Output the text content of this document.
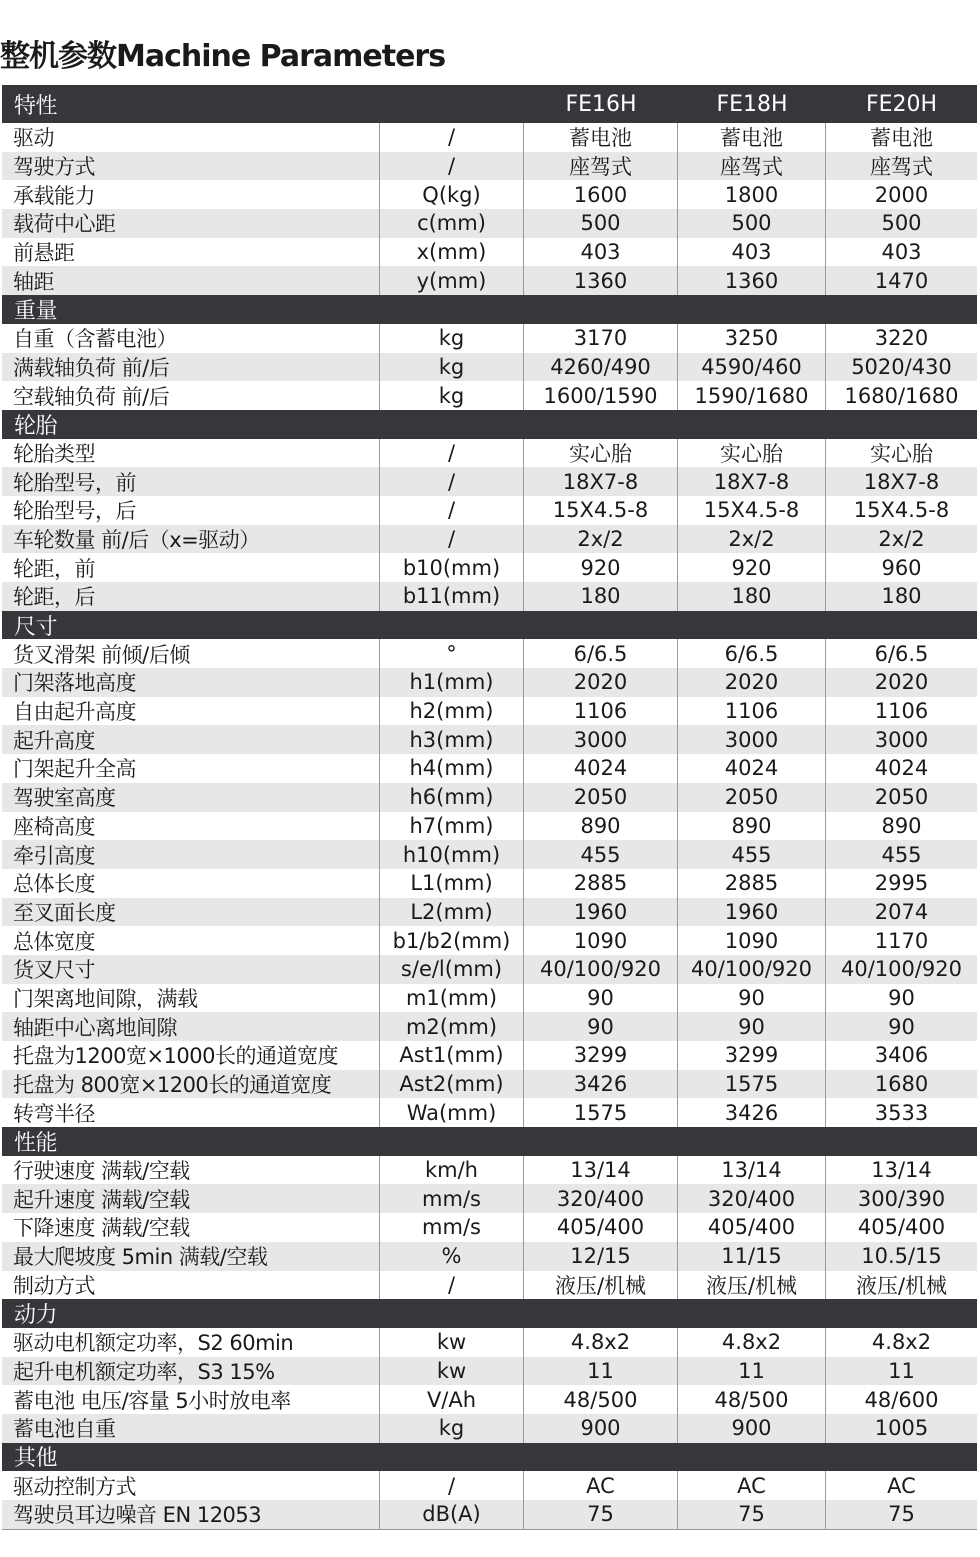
整机参数Machine Parameters
特性	FE16H	FE18H	FE20H
驱动	/	蓄电池	蓄电池	蓄电池
驾驶方式	/	座驾式	座驾式	座驾式
承载能力	Q(kg)	1600	1800	2000
载荷中心距	c(mm)	500	500	500
前悬距	x(mm)	403	403	403
轴距	y(mm)	1360	1360	1470
重量
自重（含蓄电池）	kg	3170	3250	3220
满载轴负荷 前/后	kg	4260/490	4590/460	5020/430
空载轴负荷 前/后	kg	1600/1590	1590/1680	1680/1680
轮胎
轮胎类型	/	实心胎	实心胎	实心胎
轮胎型号，前	/	18X7-8	18X7-8	18X7-8
轮胎型号，后	/	15X4.5-8	15X4.5-8	15X4.5-8
车轮数量 前/后（x=驱动）	/	2x/2	2x/2	2x/2
轮距，前	b10(mm)	920	920	960
轮距，后	b11(mm)	180	180	180
尺寸
货叉滑架 前倾/后倾	°	6/6.5	6/6.5	6/6.5
门架落地高度	h1(mm)	2020	2020	2020
自由起升高度	h2(mm)	1106	1106	1106
起升高度	h3(mm)	3000	3000	3000
门架起升全高	h4(mm)	4024	4024	4024
驾驶室高度	h6(mm)	2050	2050	2050
座椅高度	h7(mm)	890	890	890
牵引高度	h10(mm)	455	455	455
总体长度	L1(mm)	2885	2885	2995
至叉面长度	L2(mm)	1960	1960	2074
总体宽度	b1/b2(mm)	1090	1090	1170
货叉尺寸	s/e/l(mm)	40/100/920	40/100/920	40/100/920
门架离地间隙，满载	m1(mm)	90	90	90
轴距中心离地间隙	m2(mm)	90	90	90
托盘为1200宽×1000长的通道宽度	Ast1(mm)	3299	3299	3406
托盘为 800宽×1200长的通道宽度	Ast2(mm)	3426	1575	1680
转弯半径	Wa(mm)	1575	3426	3533
性能
行驶速度 满载/空载	km/h	13/14	13/14	13/14
起升速度 满载/空载	mm/s	320/400	320/400	300/390
下降速度 满载/空载	mm/s	405/400	405/400	405/400
最大爬坡度 5min 满载/空载	%	12/15	11/15	10.5/15
制动方式	/	液压/机械	液压/机械	液压/机械
动力
驱动电机额定功率，S2 60min	kw	4.8x2	4.8x2	4.8x2
起升电机额定功率，S3 15%	kw	11	11	11
蓄电池 电压/容量 5小时放电率	V/Ah	48/500	48/500	48/600
蓄电池自重	kg	900	900	1005
其他
驱动控制方式	/	AC	AC	AC
驾驶员耳边噪音 EN 12053	dB(A)	75	75	75
